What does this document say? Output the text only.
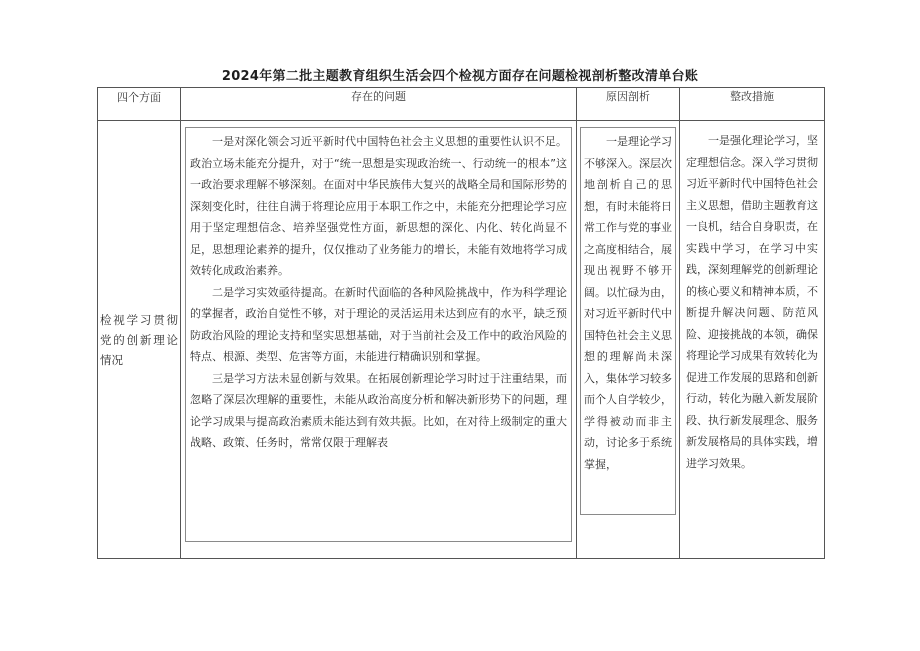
2024年第二批主题教育组织生活会四个检视方面存在问题检视剖析整改清单台账
四个方面	存在的问题	原因剖析	整改措施
检视学习贯彻党的创新理论情况	一是对深化领会习近平新时代中国特色社会主义思想的重要性认识不足。政治立场未能充分提升，对于“统一思想是实现政治统一、行动统一的根本”这一政治要求理解不够深刻。在面对中华民族伟大复兴的战略全局和国际形势的深刻变化时，往往自满于将理论应用于本职工作之中，未能充分把理论学习应用于坚定理想信念、培养坚强党性方面，新思想的深化、内化、转化尚显不足，思想理论素养的提升，仅仅推动了业务能力的增长，未能有效地将学习成效转化成政治素养。

二是学习实效亟待提高。在新时代面临的各种风险挑战中，作为科学理论的掌握者，政治自觉性不够，对于理论的灵活运用未达到应有的水平，缺乏预防政治风险的理论支持和坚实思想基础，对于当前社会及工作中的政治风险的特点、根源、类型、危害等方面，未能进行精确识别和掌握。

三是学习方法未显创新与效果。在拓展创新理论学习时过于注重结果，而忽略了深层次理解的重要性，未能从政治高度分析和解决新形势下的问题，理论学习成果与提高政治素质未能达到有效共振。比如，在对待上级制定的重大战略、政策、任务时，常常仅限于理解表	一是理论学习不够深入。深层次地剖析自己的思想，有时未能将日常工作与党的事业之高度相结合，展现出视野不够开阔。以忙碌为由，对习近平新时代中国特色社会主义思想的理解尚未深入，集体学习较多而个人自学较少，学得被动而非主动，讨论多于系统掌握，	一是强化理论学习，坚定理想信念。深入学习贯彻习近平新时代中国特色社会主义思想，借助主题教育这一良机，结合自身职责，在实践中学习，在学习中实践，深刻理解党的创新理论的核心要义和精神本质，不断提升解决问题、防范风险、迎接挑战的本领，确保将理论学习成果有效转化为促进工作发展的思路和创新行动，转化为融入新发展阶段、执行新发展理念、服务新发展格局的具体实践，增进学习效果。
